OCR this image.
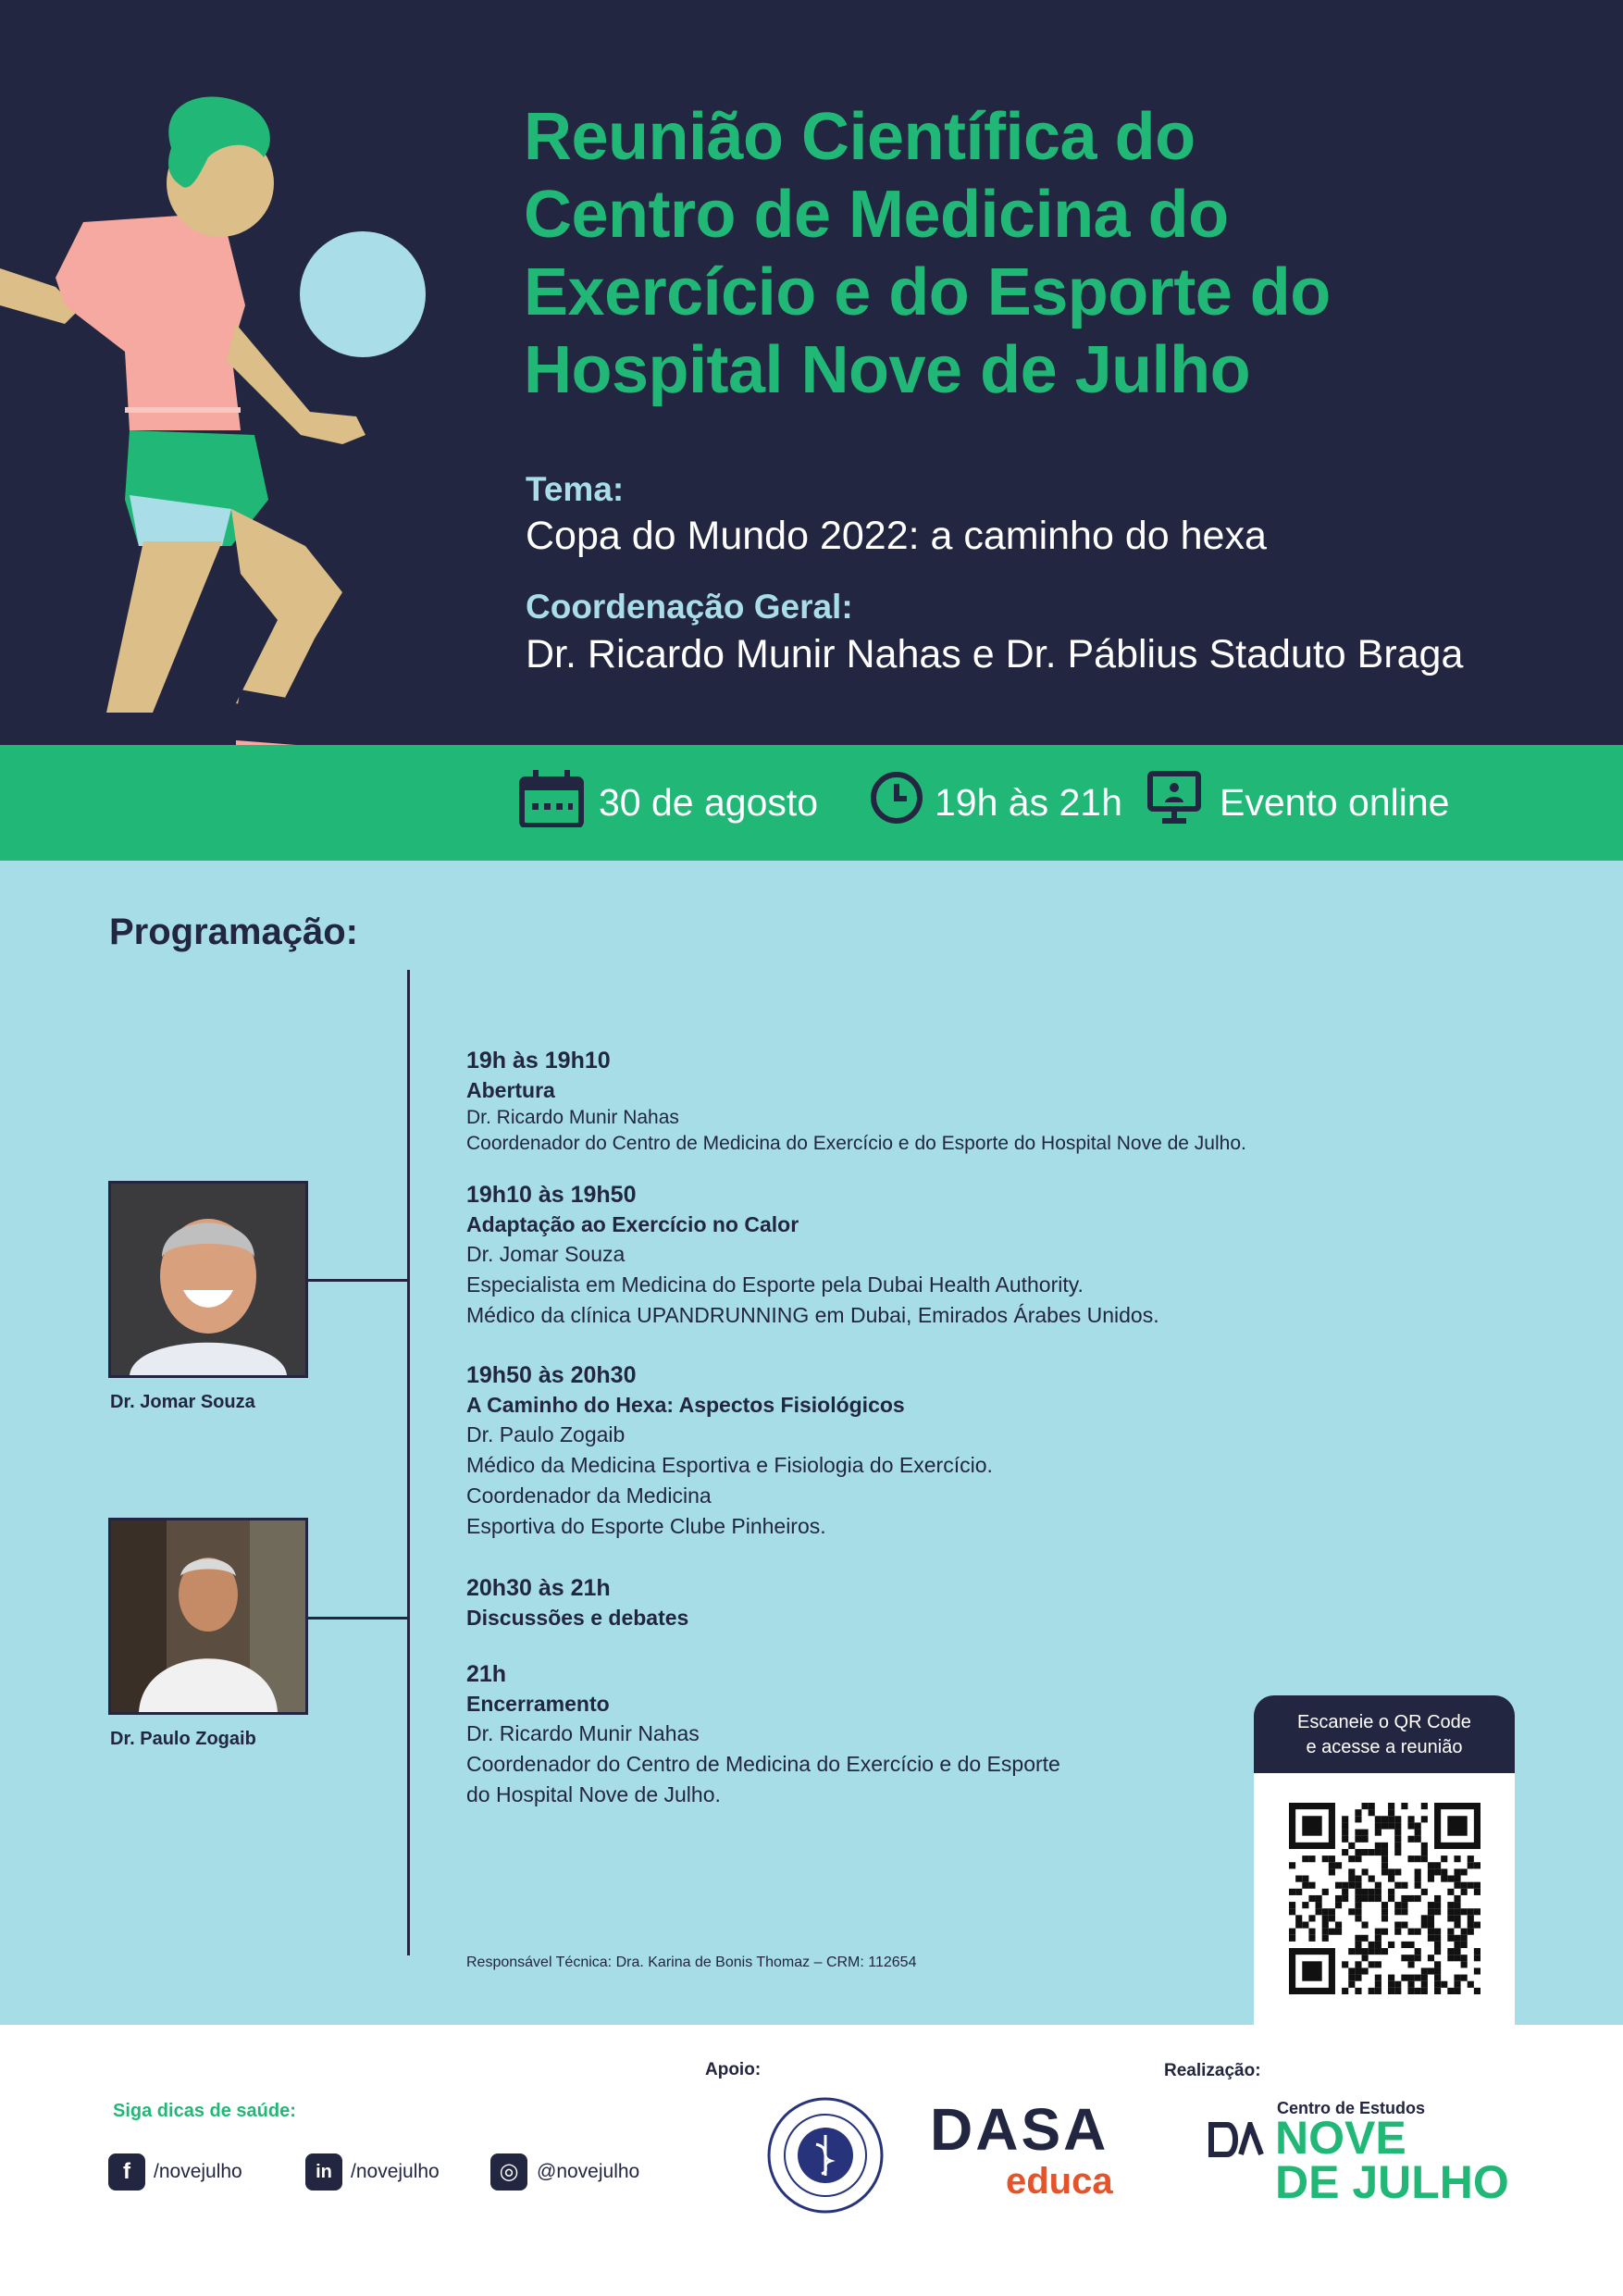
Reunião Científica do
Centro de Medicina do
Exercício e do Esporte do
Hospital Nove de Julho
Tema:
Copa do Mundo 2022: a caminho do hexa
Coordenação Geral:
Dr. Ricardo Munir Nahas e Dr. Páblius Staduto Braga
30 de agosto	19h às 21h	Evento online
Programação:
Dr. Jomar Souza
Dr. Paulo Zogaib
19h às 19h10
Abertura
Dr. Ricardo Munir Nahas
Coordenador do Centro de Medicina do Exercício e do Esporte do Hospital Nove de Julho.
19h10 às 19h50
Adaptação ao Exercício no Calor
Dr. Jomar Souza
Especialista em Medicina do Esporte pela Dubai Health Authority.
Médico da clínica UPANDRUNNING em Dubai, Emirados Árabes Unidos.
19h50 às 20h30
A Caminho do Hexa: Aspectos Fisiológicos
Dr. Paulo Zogaib
Médico da Medicina Esportiva e Fisiologia do Exercício.
Coordenador da Medicina
Esportiva do Esporte Clube Pinheiros.
20h30 às 21h
Discussões e debates
21h
Encerramento
Dr. Ricardo Munir Nahas
Coordenador do Centro de Medicina do Exercício e do Esporte
do Hospital Nove de Julho.
Responsável Técnica: Dra. Karina de Bonis Thomaz – CRM: 112654
Escaneie o QR Code
e acesse a reunião
Siga dicas de saúde:
f	/novejulho	in /novejulho	◎ @novejulho
Apoio:
DASA
educa
Realização:
Centro de Estudos
NOVE
DE JULHO
